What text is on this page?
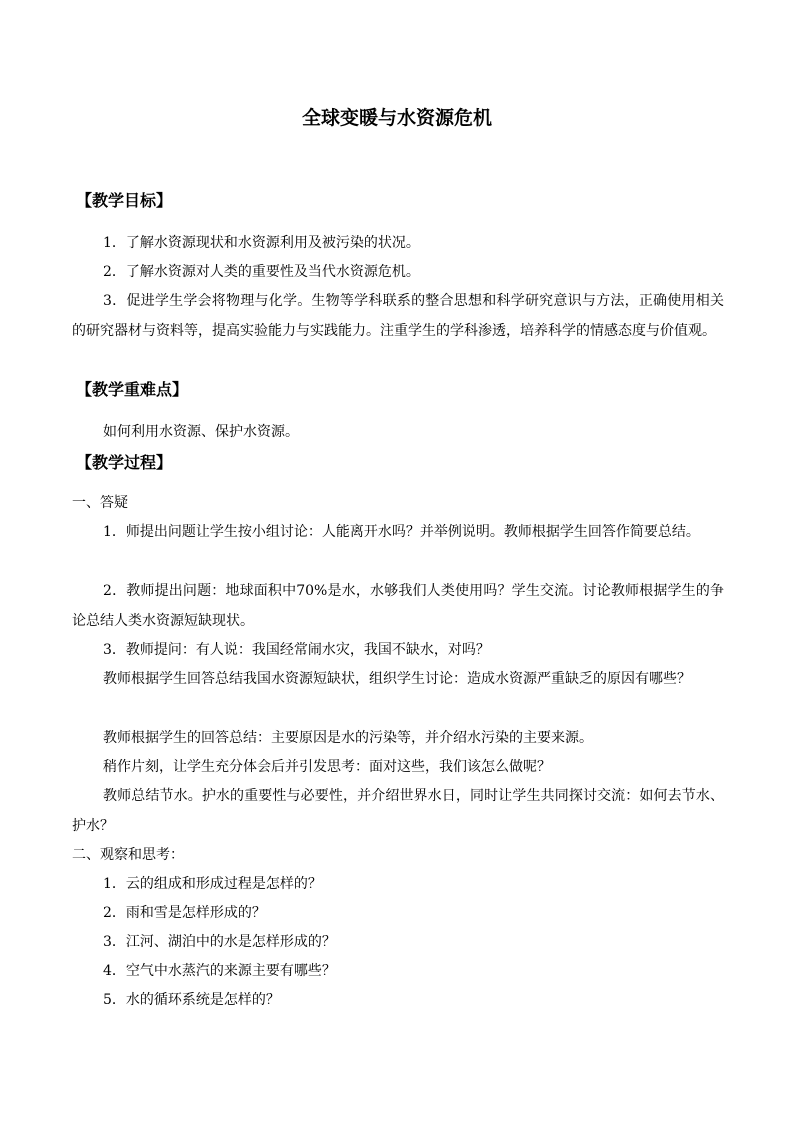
全球变暖与水资源危机
【教学目标】
1．了解水资源现状和水资源利用及被污染的状况。
2．了解水资源对人类的重要性及当代水资源危机。
3．促进学生学会将物理与化学。生物等学科联系的整合思想和科学研究意识与方法，正确使用相关的研究器材与资料等，提高实验能力与实践能力。注重学生的学科渗透，培养科学的情感态度与价值观。
【教学重难点】
如何利用水资源、保护水资源。
【教学过程】
一、答疑
1．师提出问题让学生按小组讨论：人能离开水吗？并举例说明。教师根据学生回答作简要总结。
2．教师提出问题：地球面积中70%是水，水够我们人类使用吗？学生交流。讨论教师根据学生的争论总结人类水资源短缺现状。
3．教师提问：有人说：我国经常闹水灾，我国不缺水，对吗？
教师根据学生回答总结我国水资源短缺状，组织学生讨论：造成水资源严重缺乏的原因有哪些？
教师根据学生的回答总结：主要原因是水的污染等，并介绍水污染的主要来源。
稍作片刻，让学生充分体会后并引发思考：面对这些，我们该怎么做呢？
教师总结节水。护水的重要性与必要性，并介绍世界水日，同时让学生共同探讨交流：如何去节水、护水？
二、观察和思考：
1．云的组成和形成过程是怎样的？
2．雨和雪是怎样形成的？
3．江河、湖泊中的水是怎样形成的？
4．空气中水蒸汽的来源主要有哪些？
5．水的循环系统是怎样的？
